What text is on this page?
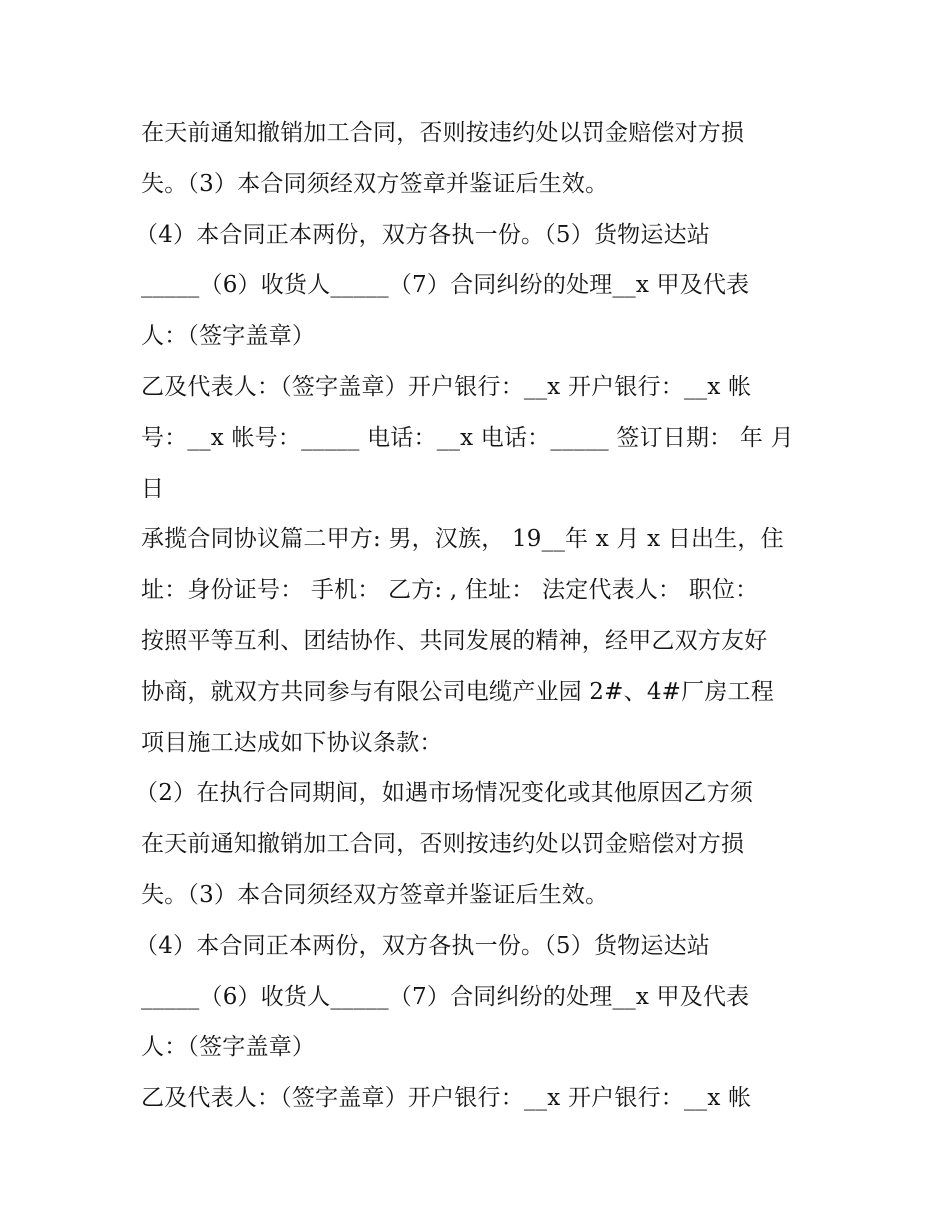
在天前通知撤销加工合同，否则按违约处以罚金赔偿对方损
失。（3）本合同须经双方签章并鉴证后生效。
（4）本合同正本两份，双方各执一份。（5）货物运达站
_____（6）收货人_____（7）合同纠纷的处理__x 甲及代表
人：（签字盖章）
乙及代表人：（签字盖章）开户银行：__x 开户银行：__x 帐
号：__x 帐号：_____ 电话：__x 电话：_____ 签订日期： 年 月
日
承揽合同协议篇二甲方: 男，汉族， 19__年 x 月 x 日出生，住
址：身份证号： 手机： 乙方: , 住址： 法定代表人： 职位：
按照平等互利、团结协作、共同发展的精神，经甲乙双方友好
协商，就双方共同参与有限公司电缆产业园 2#、4#厂房工程
项目施工达成如下协议条款：
（2）在执行合同期间，如遇市场情况变化或其他原因乙方须
在天前通知撤销加工合同，否则按违约处以罚金赔偿对方损
失。（3）本合同须经双方签章并鉴证后生效。
（4）本合同正本两份，双方各执一份。（5）货物运达站
_____（6）收货人_____（7）合同纠纷的处理__x 甲及代表
人：（签字盖章）
乙及代表人：（签字盖章）开户银行：__x 开户银行：__x 帐
